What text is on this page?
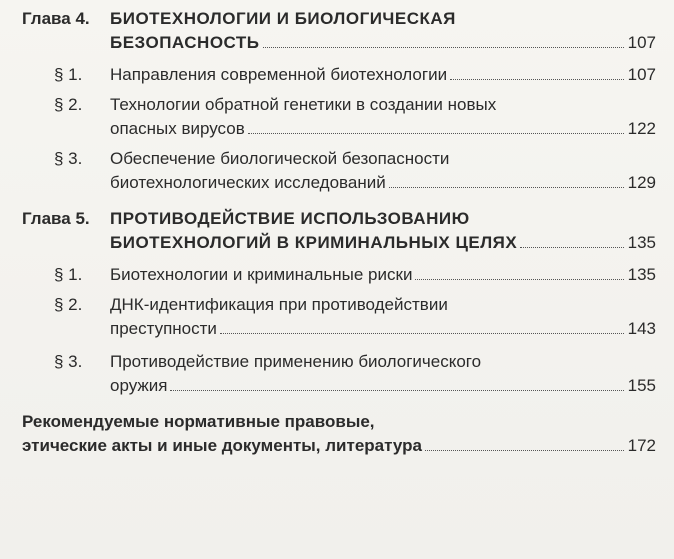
Глава 4. БИОТЕХНОЛОГИИ И БИОЛОГИЧЕСКАЯ
БЕЗОПАСНОСТЬ	107
§ 1. Направления современной биотехнологии	107
§ 2. Технологии обратной генетики в создании новых
опасных вирусов	122
§ 3. Обеспечение биологической безопасности
биотехнологических исследований	129
Глава 5. ПРОТИВОДЕЙСТВИЕ ИСПОЛЬЗОВАНИЮ
БИОТЕХНОЛОГИЙ В КРИМИНАЛЬНЫХ ЦЕЛЯХ	135
§ 1. Биотехнологии и криминальные риски	135
§ 2. ДНК-идентификация при противодействии
преступности	143
§ 3. Противодействие применению биологического
оружия	155
Рекомендуемые нормативные правовые,
этические акты и иные документы, литература	172
